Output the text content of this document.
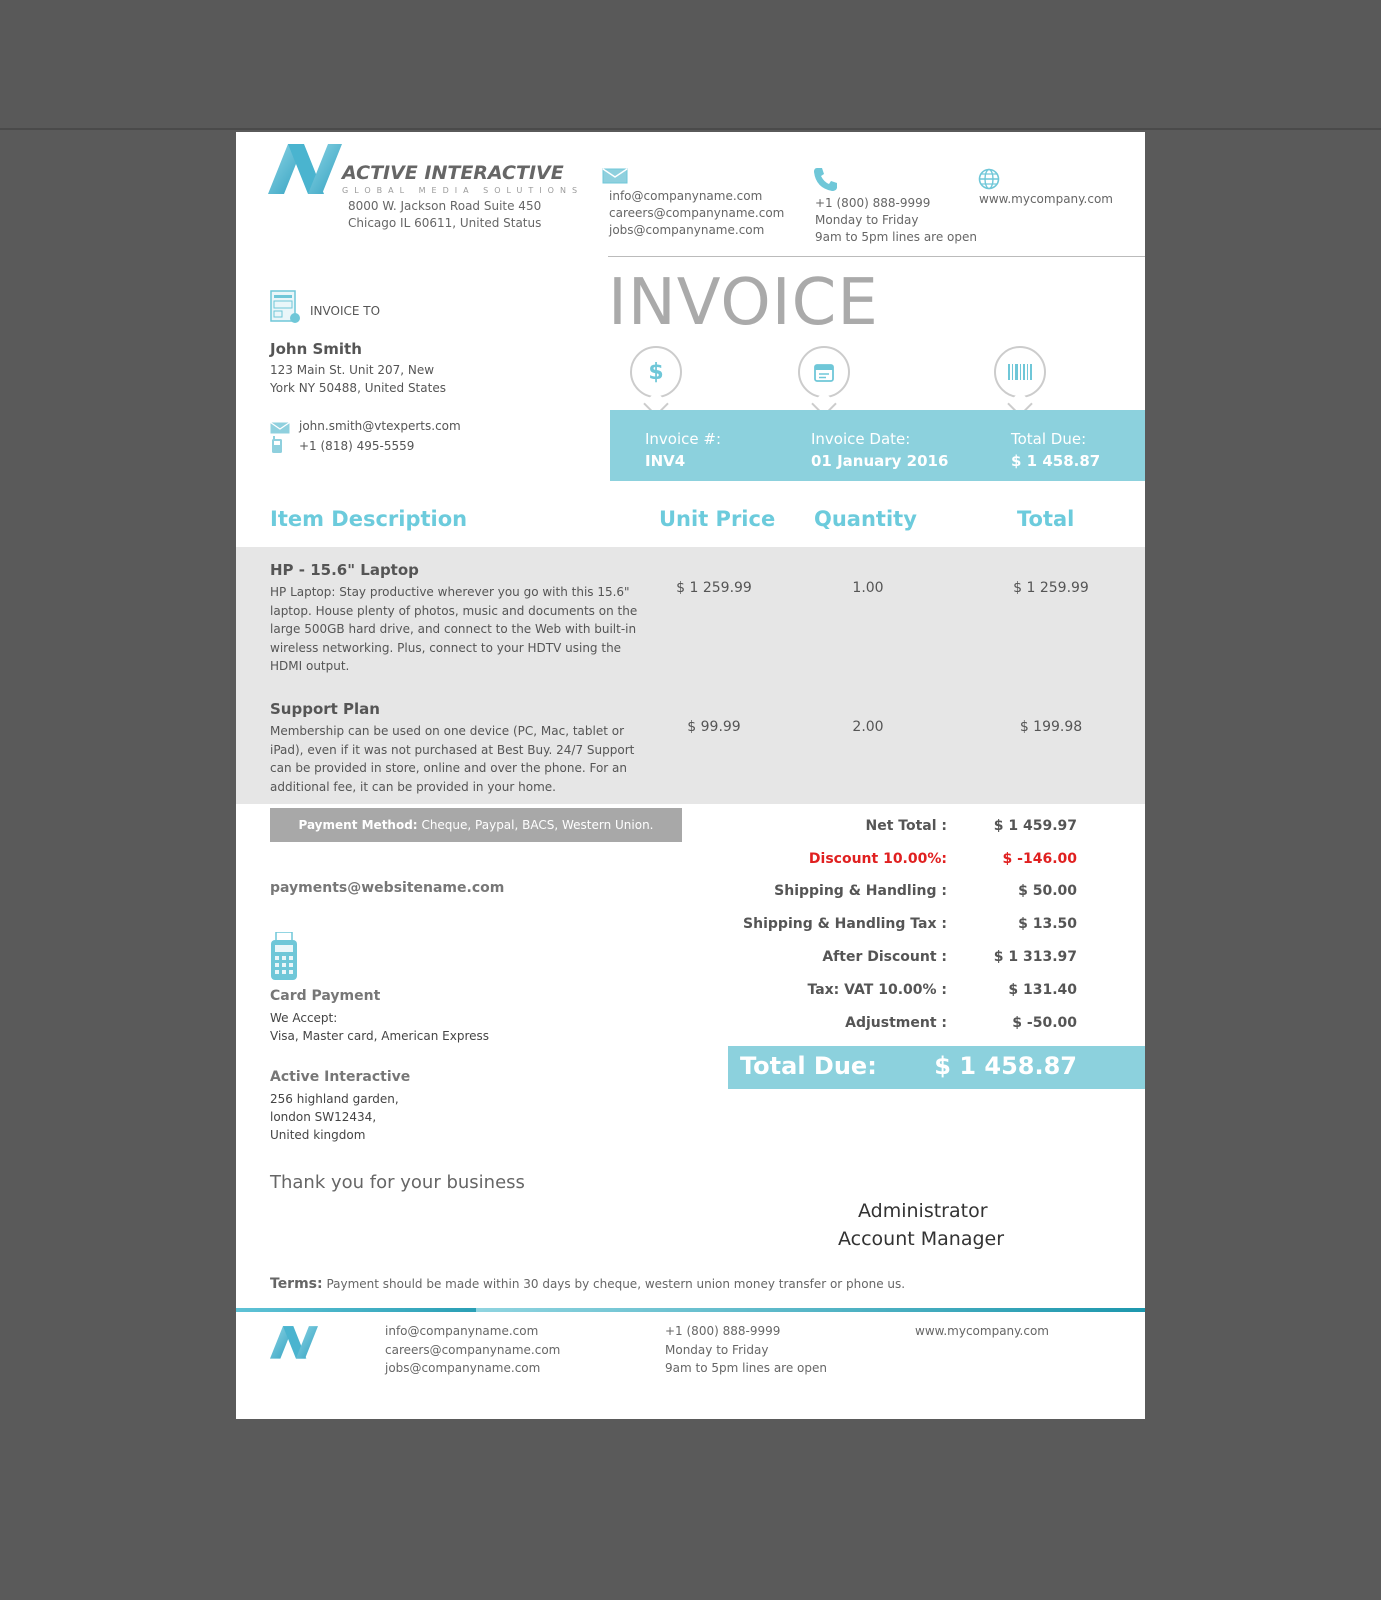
ACTIVE INTERACTIVE
GLOBAL MEDIA SOLUTIONS
8000 W. Jackson Road Suite 450
Chicago IL 60611, United Status
info@companyname.com
careers@companyname.com
jobs@companyname.com
+1 (800) 888-9999
Monday to Friday
9am to 5pm lines are open
www.mycompany.com
INVOICE TO
John Smith
123 Main St. Unit 207, New
York NY 50488, United States
john.smith@vtexperts.com
+1 (818) 495-5559
INVOICE
$
Invoice #:
INV4
Invoice Date:
01 January 2016
Total Due:
$ 1 458.87
Item Description	Unit Price Quantity	Total
HP - 15.6" Laptop
HP Laptop: Stay productive wherever you go with this 15.6" laptop. House plenty of photos, music and documents on the large 500GB hard drive, and connect to the Web with built-in wireless networking. Plus, connect to your HDTV using the HDMI output.
$ 1 259.99	1.00	$ 1 259.99
Support Plan
Membership can be used on one device (PC, Mac, tablet or iPad), even if it was not purchased at Best Buy. 24/7 Support can be provided in store, online and over the phone. For an additional fee, it can be provided in your home.
$ 99.99	2.00	$ 199.98
Payment Method: Cheque, Paypal, BACS, Western Union.
payments@websitename.com
Card Payment
We Accept:
Visa, Master card, American Express
Active Interactive
256 highland garden,
london SW12434,
United kingdom
Net Total :	$ 1 459.97
Discount 10.00%:	$ -146.00
Shipping & Handling :	$ 50.00
Shipping & Handling Tax :	$ 13.50
After Discount :	$ 1 313.97
Tax: VAT 10.00% :	$ 131.40
Adjustment :	$ -50.00
Total Due: $ 1 458.87
Thank you for your business
Administrator
Account Manager
Terms: Payment should be made within 30 days by cheque, western union money transfer or phone us.
info@companyname.com
careers@companyname.com
jobs@companyname.com
+1 (800) 888-9999
Monday to Friday
9am to 5pm lines are open
www.mycompany.com
